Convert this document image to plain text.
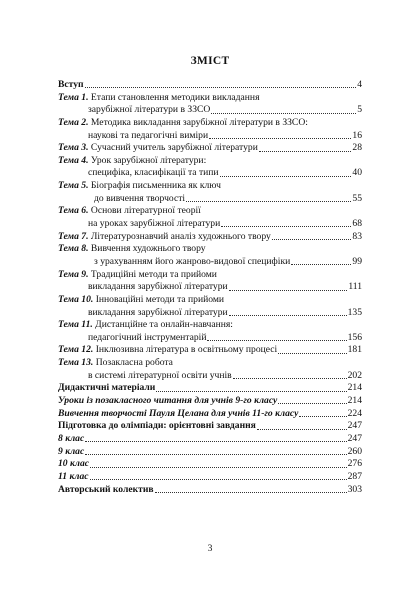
ЗМІСТ
Вступ	4
Тема 1. Етапи становлення методики викладання
зарубіжної літератури в ЗЗСО	5
Тема 2. Методика викладання зарубіжної літератури в ЗЗСО:
наукові та педагогічні виміри	16
Тема 3. Сучасний учитель зарубіжної літератури	28
Тема 4. Урок зарубіжної літератури:
специфіка, класифікації та типи	40
Тема 5. Біографія письменника як ключ
до вивчення творчості	55
Тема 6. Основи літературної теорії
на уроках зарубіжної літератури	68
Тема 7. Літературознавчий аналіз художнього твору	83
Тема 8. Вивчення художнього твору
з урахуванням його жанрово-видової специфіки	99
Тема 9. Традиційні методи та прийоми
викладання зарубіжної літератури	111
Тема 10. Інноваційні методи та прийоми
викладання зарубіжної літератури	135
Тема 11. Дистанційне та онлайн-навчання:
педагогічний інструментарій	156
Тема 12. Інклюзивна література в освітньому процесі	181
Тема 13. Позакласна робота
в системі літературної освіти учнів	202
Дидактичні матеріали	214
Уроки із позакласного читання для учнів 9-го класу	214
Вивчення творчості Пауля Целана для учнів 11-го класу	224
Підготовка до олімпіади: орієнтовні завдання	247
8 клас	247
9 клас	260
10 клас	276
11 клас	287
Авторський колектив	303
3
